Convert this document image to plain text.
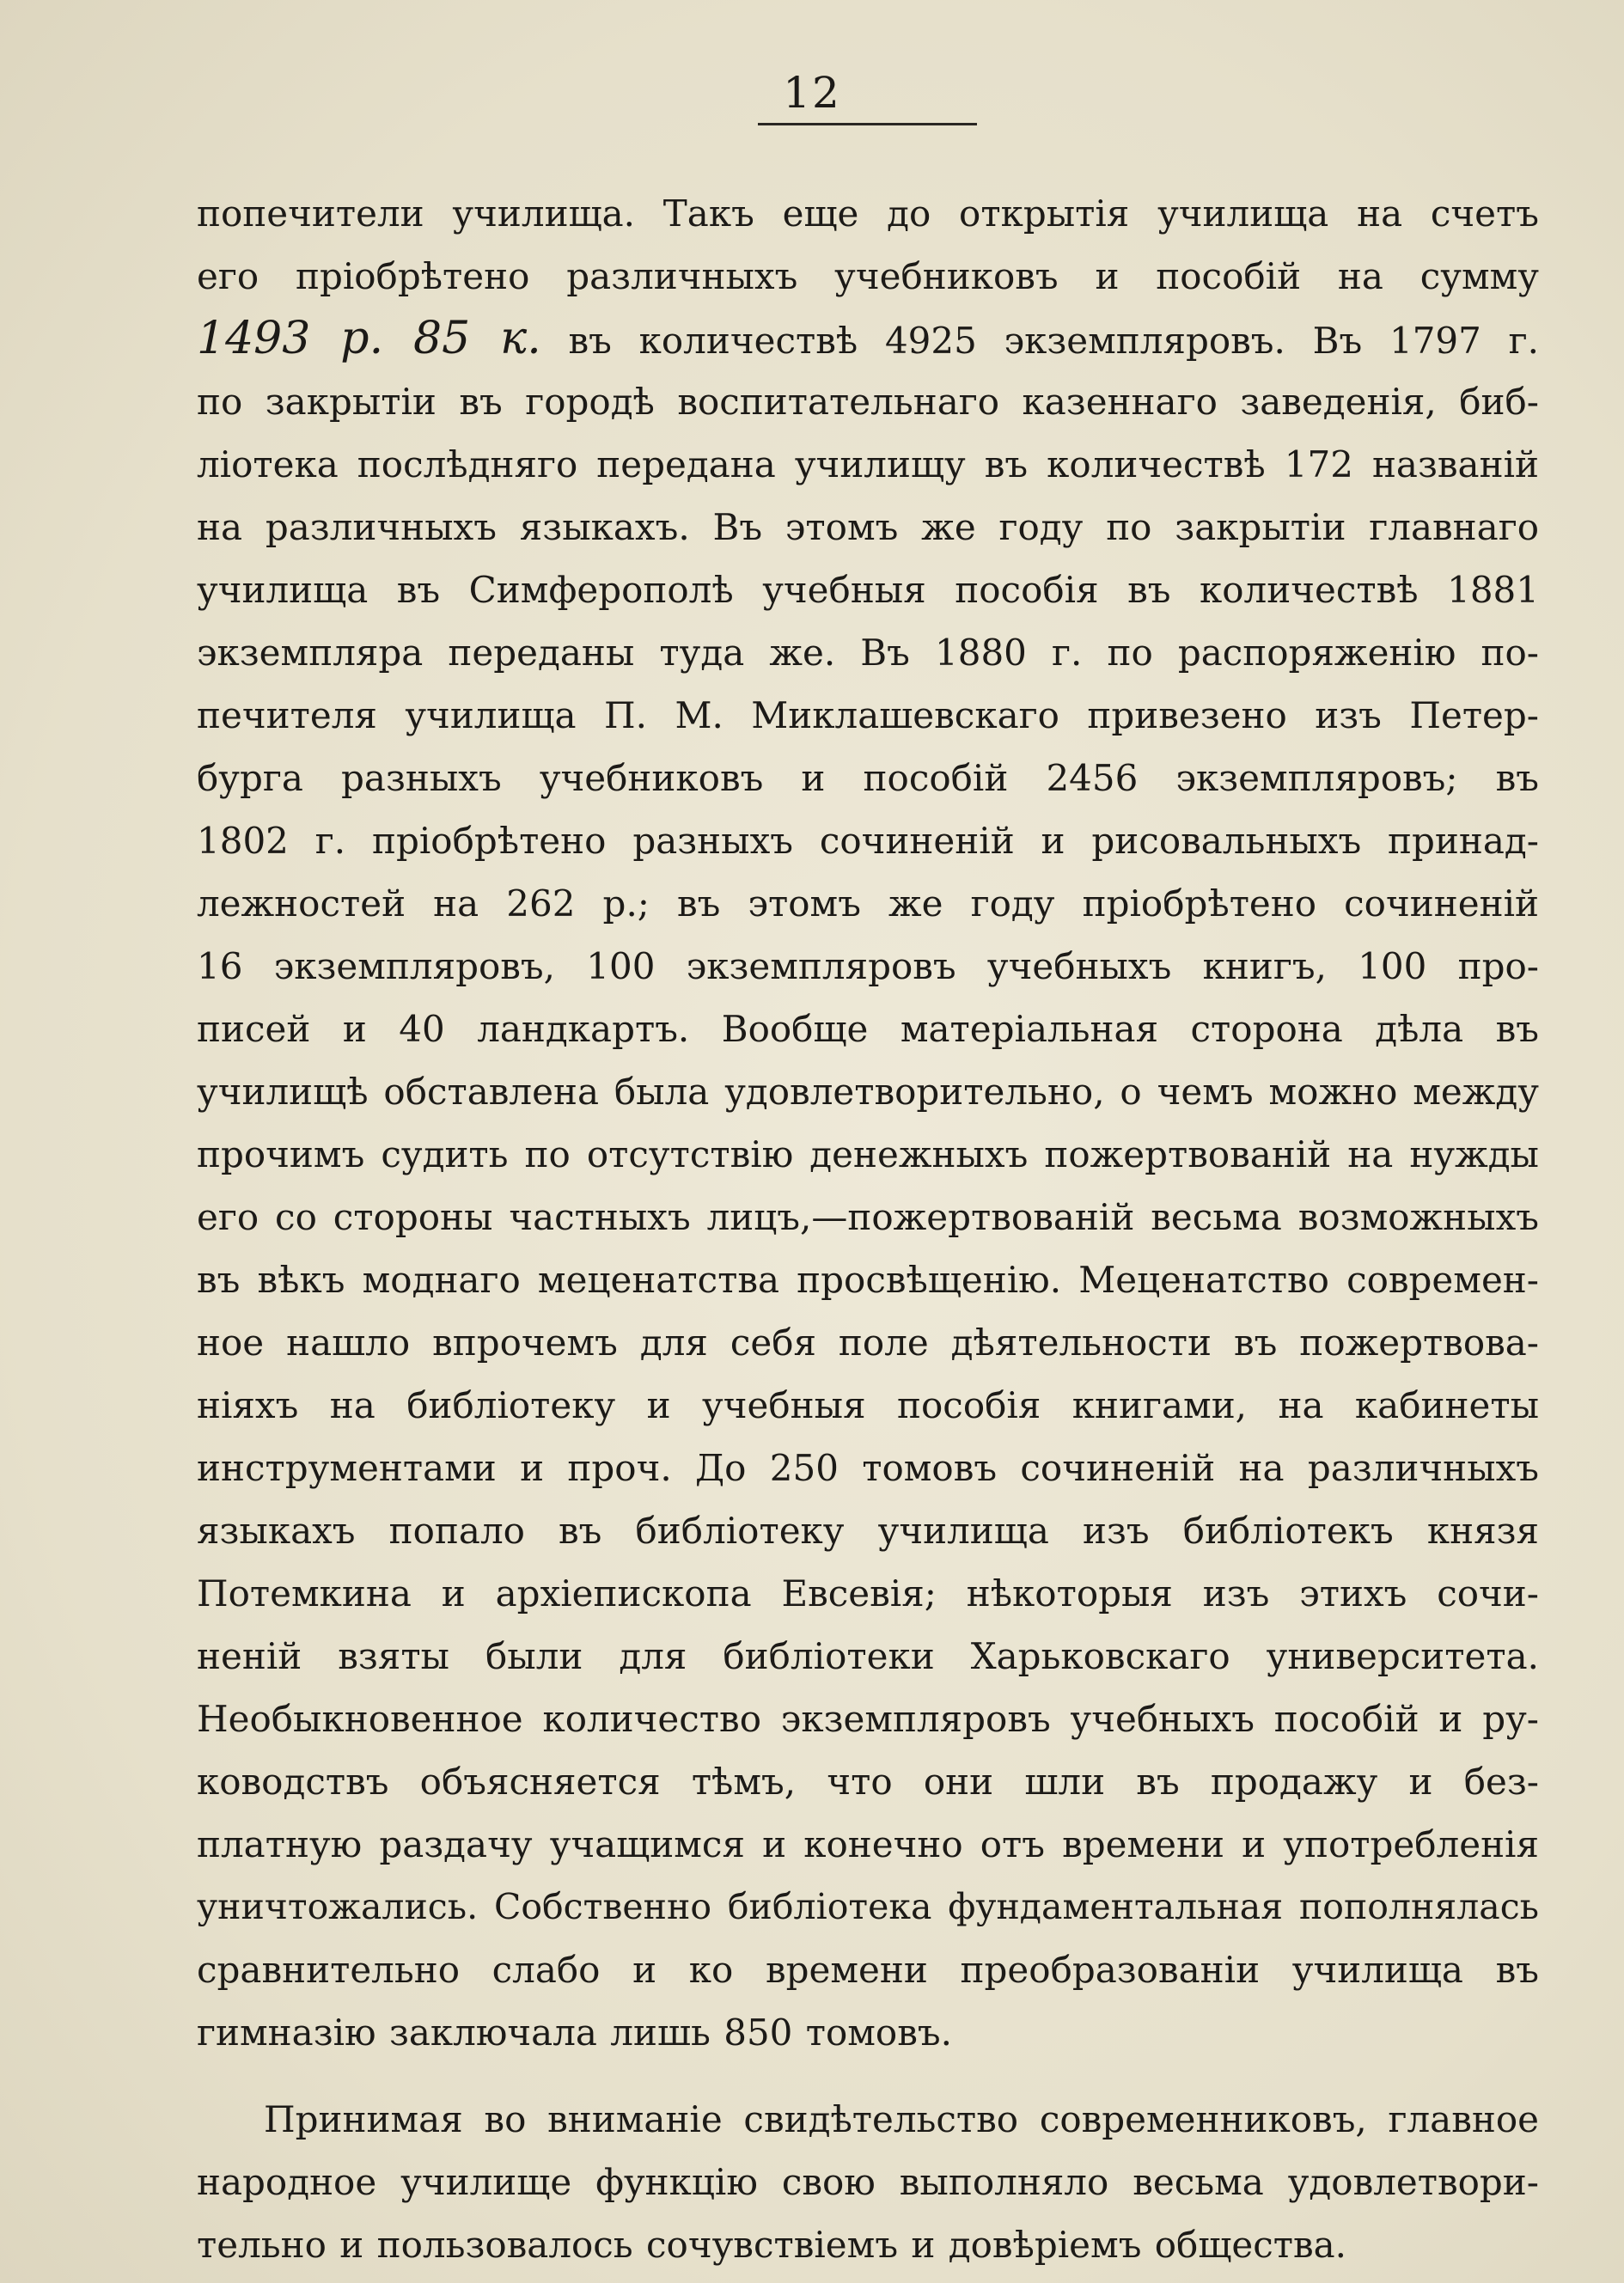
12
попечители училища. Такъ еще до открытія училища на счетъ
его пріобрѣтено различныхъ учебниковъ и пособій на сумму
1493 р. 85 к. въ количествѣ 4925 экземпляровъ. Въ 1797 г.
по закрытіи въ городѣ воспитательнаго казеннаго заведенія, биб-
ліотека послѣдняго передана училищу въ количествѣ 172 названій
на различныхъ языкахъ. Въ этомъ же году по закрытіи главнаго
училища въ Симферополѣ учебныя пособія въ количествѣ 1881
экземпляра переданы туда же. Въ 1880 г. по распоряженію по-
печителя училища П. М. Миклашевскаго привезено изъ Петер-
бурга разныхъ учебниковъ и пособій 2456 экземпляровъ; въ
1802 г. пріобрѣтено разныхъ сочиненій и рисовальныхъ принад-
лежностей на 262 р.; въ этомъ же году пріобрѣтено сочиненій
16 экземпляровъ, 100 экземпляровъ учебныхъ книгъ, 100 про-
писей и 40 ландкартъ. Вообще матеріальная сторона дѣла въ
училищѣ обставлена была удовлетворительно, о чемъ можно между
прочимъ судить по отсутствію денежныхъ пожертвованій на нужды
его со стороны частныхъ лицъ,—пожертвованій весьма возможныхъ
въ вѣкъ моднаго меценатства просвѣщенію. Меценатство современ-
ное нашло впрочемъ для себя поле дѣятельности въ пожертвова-
ніяхъ на библіотеку и учебныя пособія книгами, на кабинеты
инструментами и проч. До 250 томовъ сочиненій на различныхъ
языкахъ попало въ библіотеку училища изъ библіотекъ князя
Потемкина и архіепископа Евсевія; нѣкоторыя изъ этихъ сочи-
неній взяты были для библіотеки Харьковскаго университета.
Необыкновенное количество экземпляровъ учебныхъ пособій и ру-
ководствъ объясняется тѣмъ, что они шли въ продажу и без-
платную раздачу учащимся и конечно отъ времени и употребленія
уничтожались. Собственно библіотека фундаментальная пополнялась
сравнительно слабо и ко времени преобразованіи училища въ
гимназію заключала лишь 850 томовъ.
Принимая во вниманіе свидѣтельство современниковъ, главное
народное училище функцію свою выполняло весьма удовлетвори-
тельно и пользовалось сочувствіемъ и довѣріемъ общества.
